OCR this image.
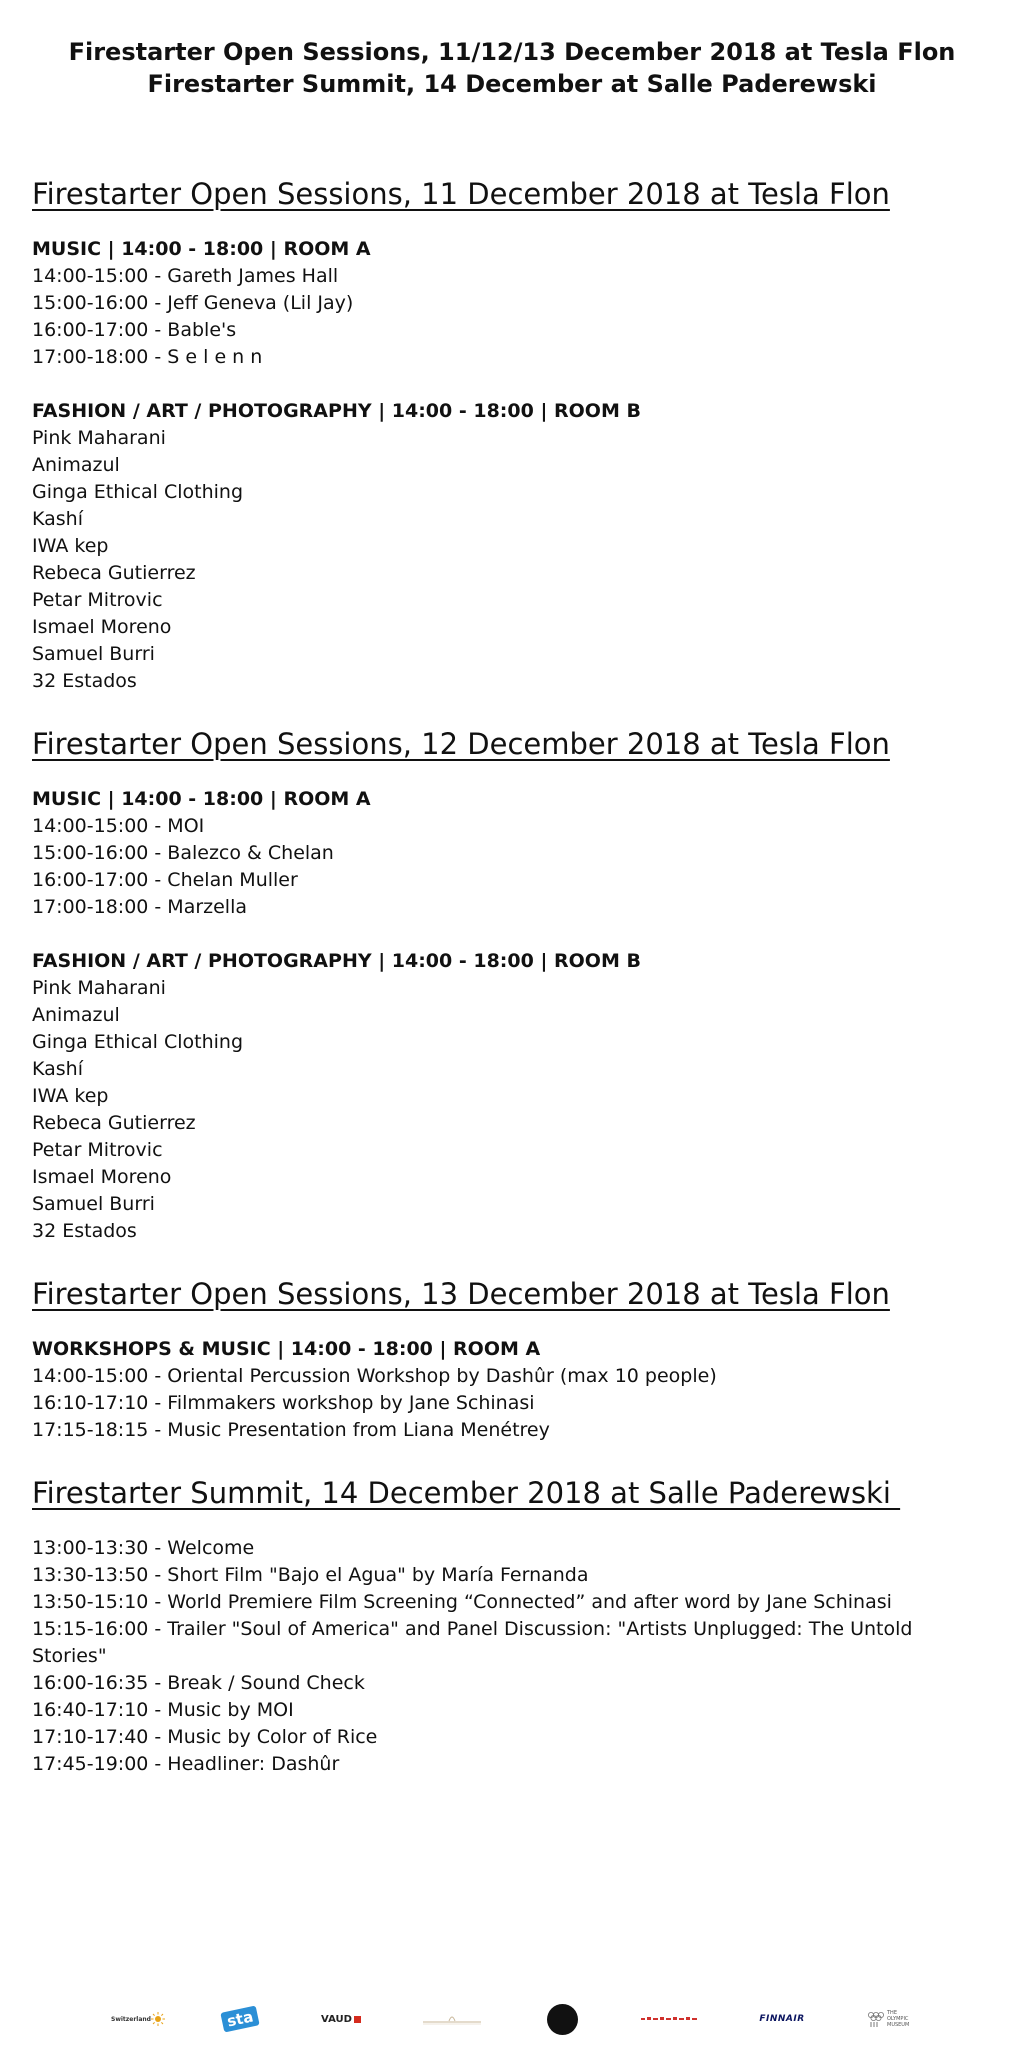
Firestarter Open Sessions, 11/12/13 December 2018 at Tesla Flon
Firestarter Summit, 14 December at Salle Paderewski
Firestarter Open Sessions, 11 December 2018 at Tesla Flon
MUSIC | 14:00 - 18:00 | ROOM A
14:00-15:00 - Gareth James Hall
15:00-16:00 - Jeff Geneva (Lil Jay)
16:00-17:00 - Bable's
17:00-18:00 - S e l e n n
FASHION / ART / PHOTOGRAPHY | 14:00 - 18:00 | ROOM B
Pink Maharani
Animazul
Ginga Ethical Clothing
Kashí
IWA kep
Rebeca Gutierrez
Petar Mitrovic
Ismael Moreno
Samuel Burri
32 Estados
Firestarter Open Sessions, 12 December 2018 at Tesla Flon
MUSIC | 14:00 - 18:00 | ROOM A
14:00-15:00 - MOI
15:00-16:00 - Balezco & Chelan
16:00-17:00 - Chelan Muller
17:00-18:00 - Marzella
FASHION / ART / PHOTOGRAPHY | 14:00 - 18:00 | ROOM B
Pink Maharani
Animazul
Ginga Ethical Clothing
Kashí
IWA kep
Rebeca Gutierrez
Petar Mitrovic
Ismael Moreno
Samuel Burri
32 Estados
Firestarter Open Sessions, 13 December 2018 at Tesla Flon
WORKSHOPS & MUSIC | 14:00 - 18:00 | ROOM A
14:00-15:00 - Oriental Percussion Workshop by Dashûr (max 10 people)
16:10-17:10 - Filmmakers workshop by Jane Schinasi
17:15-18:15 - Music Presentation from Liana Menétrey
Firestarter Summit, 14 December 2018 at Salle Paderewski
13:00-13:30 - Welcome
13:30-13:50 - Short Film "Bajo el Agua" by María Fernanda
13:50-15:10 - World Premiere Film Screening “Connected” and after word by Jane Schinasi
15:15-16:00 - Trailer "Soul of America" and Panel Discussion: "Artists Unplugged: The Untold Stories"
16:00-16:35 - Break / Sound Check
16:40-17:10 - Music by MOI
17:10-17:40 - Music by Color of Rice
17:45-19:00 - Headliner: Dashûr
Switzerland	sta	VAUD	FINNAIR
THE OLYMPIC MUSEUM
